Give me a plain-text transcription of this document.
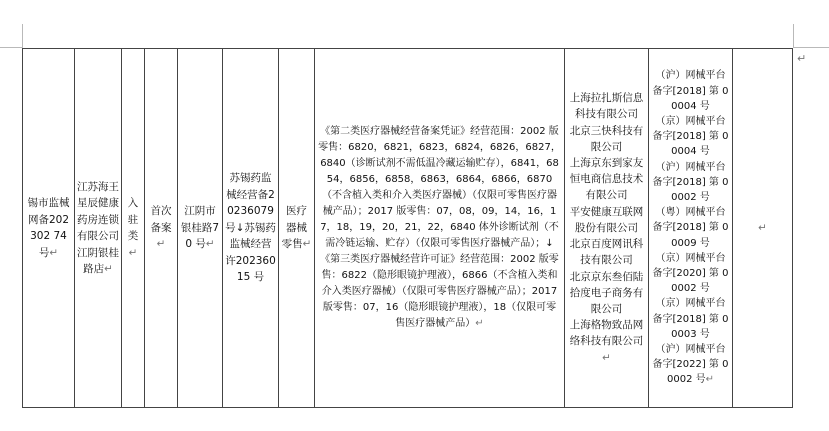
锡市监械网备202302 74 号↵	江苏海王星辰健康药房连锁有限公司江阴银桂路店↵	入驻类↵	首次备案↵	江阴市银桂路70 号↵	苏锡药监械经营备20236079 号↓苏锡药监械经营许20236015 号	医疗器械零售↵	《第二类医疗器械经营备案凭证》经营范围：2002 版零售：6820，6821，6823，6824，6826，6827，6840（诊断试剂不需低温冷藏运输贮存），6841，6854，6856，6858，6863，6864，6866，6870（不含植入类和介入类医疗器械）（仅限可零售医疗器械产品）；2017 版零售：07，08，09，14，16，17，18，19，20，21，22，6840 体外诊断试剂（不需冷链运输、贮存）（仅限可零售医疗器械产品）；↓
《第三类医疗器械经营许可证》经营范围：2002 版零售：6822（隐形眼镜护理液），6866（不含植入类和介入类医疗器械）（仅限可零售医疗器械产品）；2017 版零售：07，16（隐形眼镜护理液），18（仅限可零售医疗器械产品）↵	上海拉扎斯信息科技有限公司
北京三快科技有限公司
上海京东到家友恒电商信息技术有限公司
平安健康互联网股份有限公司
北京百度网讯科技有限公司
北京京东叁佰陆拾度电子商务有限公司
上海格物致品网络科技有限公司↵	（沪）网械平台备字[2018] 第 00004 号
（京）网械平台备字[2018] 第 00004 号
（沪）网械平台备字[2018] 第 00002 号
（粤）网械平台备字[2018] 第 00009 号
（京）网械平台备字[2020] 第 00002 号
（京）网械平台备字[2018] 第 00003 号
（沪）网械平台备字[2022] 第 00002 号↵	↵
↵
